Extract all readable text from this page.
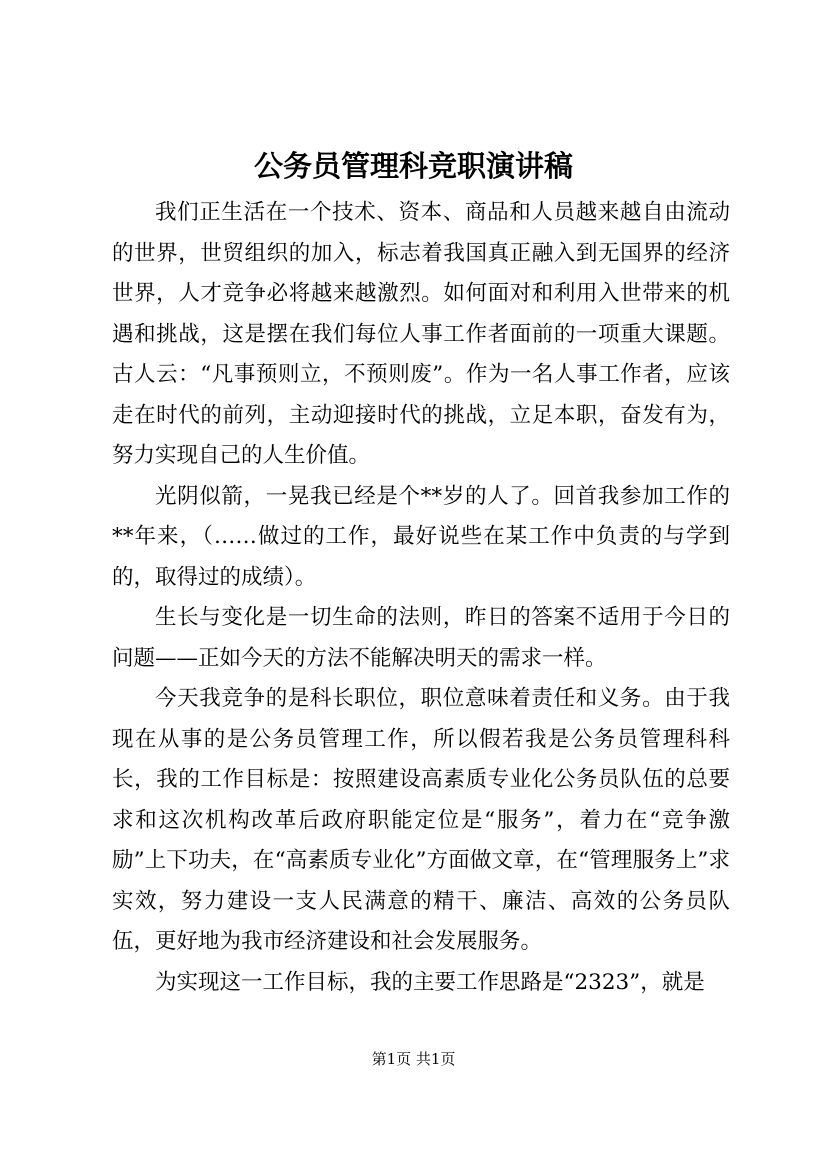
公务员管理科竞职演讲稿

我们正生活在一个技术、资本、商品和人员越来越自由流动的世界，世贸组织的加入，标志着我国真正融入到无国界的经济世界，人才竞争必将越来越激烈。如何面对和利用入世带来的机遇和挑战，这是摆在我们每位人事工作者面前的一项重大课题。古人云：“凡事预则立，不预则废”。作为一名人事工作者，应该走在时代的前列，主动迎接时代的挑战，立足本职，奋发有为，努力实现自己的人生价值。

光阴似箭，一晃我已经是个**岁的人了。回首我参加工作的**年来，（……做过的工作，最好说些在某工作中负责的与学到的，取得过的成绩）。

生长与变化是一切生命的法则，昨日的答案不适用于今日的问题——正如今天的方法不能解决明天的需求一样。

今天我竞争的是科长职位，职位意味着责任和义务。由于我现在从事的是公务员管理工作，所以假若我是公务员管理科科长，我的工作目标是：按照建设高素质专业化公务员队伍的总要求和这次机构改革后政府职能定位是“服务”，着力在“竞争激励”上下功夫，在“高素质专业化”方面做文章，在“管理服务上”求实效，努力建设一支人民满意的精干、廉洁、高效的公务员队伍，更好地为我市经济建设和社会发展服务。

为实现这一工作目标，我的主要工作思路是“2323”，就是

第1页 共1页
